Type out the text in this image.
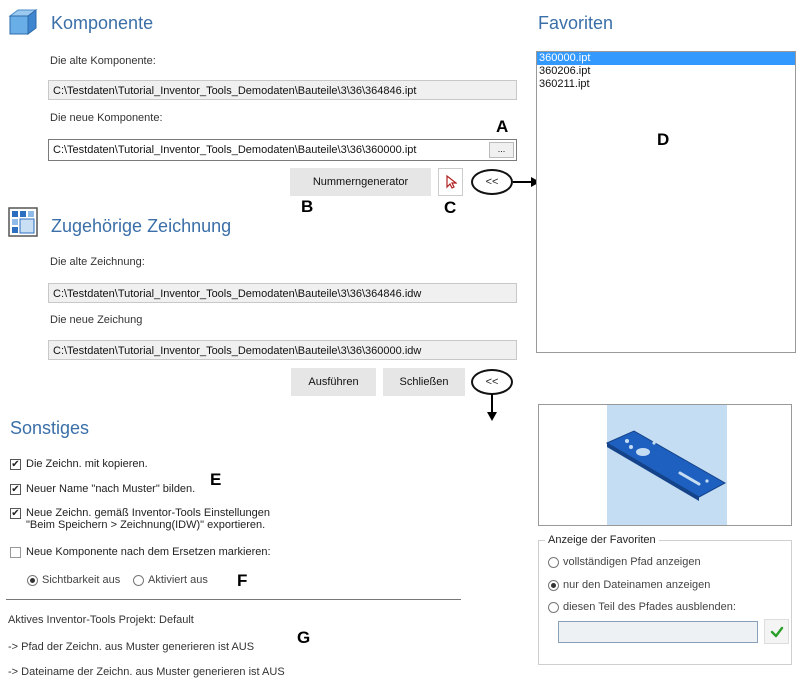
Komponente
Die alte Komponente:
C:\Testdaten\Tutorial_Inventor_Tools_Demodaten\Bauteile\3\36\364846.ipt
Die neue Komponente:
C:\Testdaten\Tutorial_Inventor_Tools_Demodaten\Bauteile\3\36\360000.ipt	...
Nummerngenerator	<<
A
B	C
Zugehörige Zeichnung
Die alte Zeichnung:
C:\Testdaten\Tutorial_Inventor_Tools_Demodaten\Bauteile\3\36\364846.idw
Die neue Zeichung
C:\Testdaten\Tutorial_Inventor_Tools_Demodaten\Bauteile\3\36\360000.idw
Ausführen	Schließen	<<
Sonstiges
✔ Die Zeichn. mit kopieren.
✔ Neuer Name "nach Muster" bilden.
✔ Neue Zeichn. gemäß Inventor-Tools Einstellungen
"Beim Speichern > Zeichnung(IDW)" exportieren.
Neue Komponente nach dem Ersetzen markieren:
Sichtbarkeit aus	Aktiviert aus
Aktives Inventor-Tools Projekt: Default
-> Pfad der Zeichn. aus Muster generieren ist AUS
-> Dateiname der Zeichn. aus Muster generieren ist AUS
E
F
G
Favoriten
360000.ipt
360206.ipt
360211.ipt
D
Anzeige der Favoriten
vollständigen Pfad anzeigen
nur den Dateinamen anzeigen
diesen Teil des Pfades ausblenden:
